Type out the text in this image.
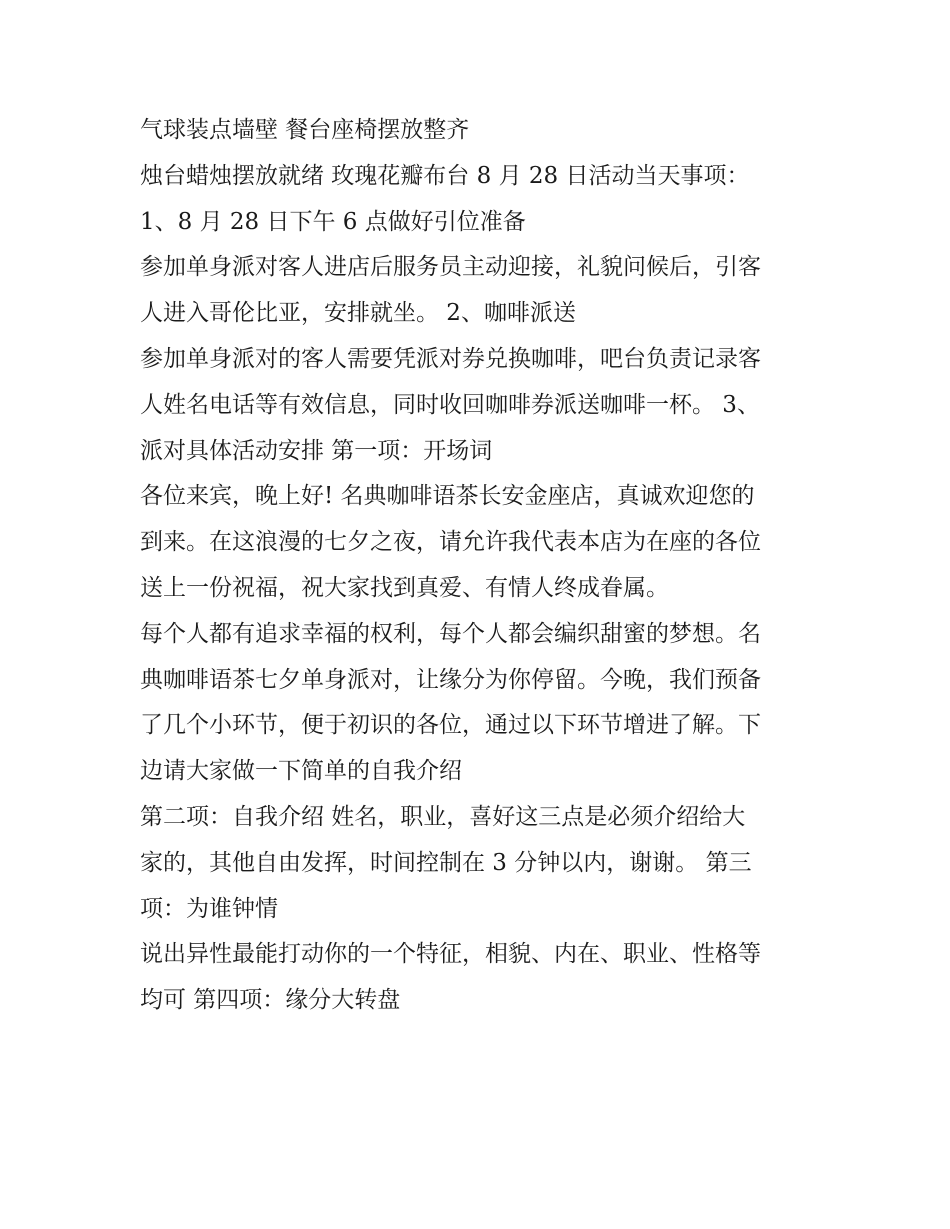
气球装点墙壁 餐台座椅摆放整齐
烛台蜡烛摆放就绪 玫瑰花瓣布台 8 月 28 日活动当天事项：
1、8 月 28 日下午 6 点做好引位准备
参加单身派对客人进店后服务员主动迎接，礼貌问候后，引客
人进入哥伦比亚，安排就坐。 2、咖啡派送
参加单身派对的客人需要凭派对券兑换咖啡，吧台负责记录客
人姓名电话等有效信息，同时收回咖啡券派送咖啡一杯。 3、
派对具体活动安排 第一项：开场词
各位来宾，晚上好! 名典咖啡语茶长安金座店，真诚欢迎您的
到来。在这浪漫的七夕之夜，请允许我代表本店为在座的各位
送上一份祝福，祝大家找到真爱、有情人终成眷属。
每个人都有追求幸福的权利，每个人都会编织甜蜜的梦想。名
典咖啡语茶七夕单身派对，让缘分为你停留。今晚，我们预备
了几个小环节，便于初识的各位，通过以下环节增进了解。下
边请大家做一下简单的自我介绍
第二项：自我介绍 姓名，职业，喜好这三点是必须介绍给大
家的，其他自由发挥，时间控制在 3 分钟以内，谢谢。 第三
项：为谁钟情
说出异性最能打动你的一个特征，相貌、内在、职业、性格等
均可 第四项：缘分大转盘
